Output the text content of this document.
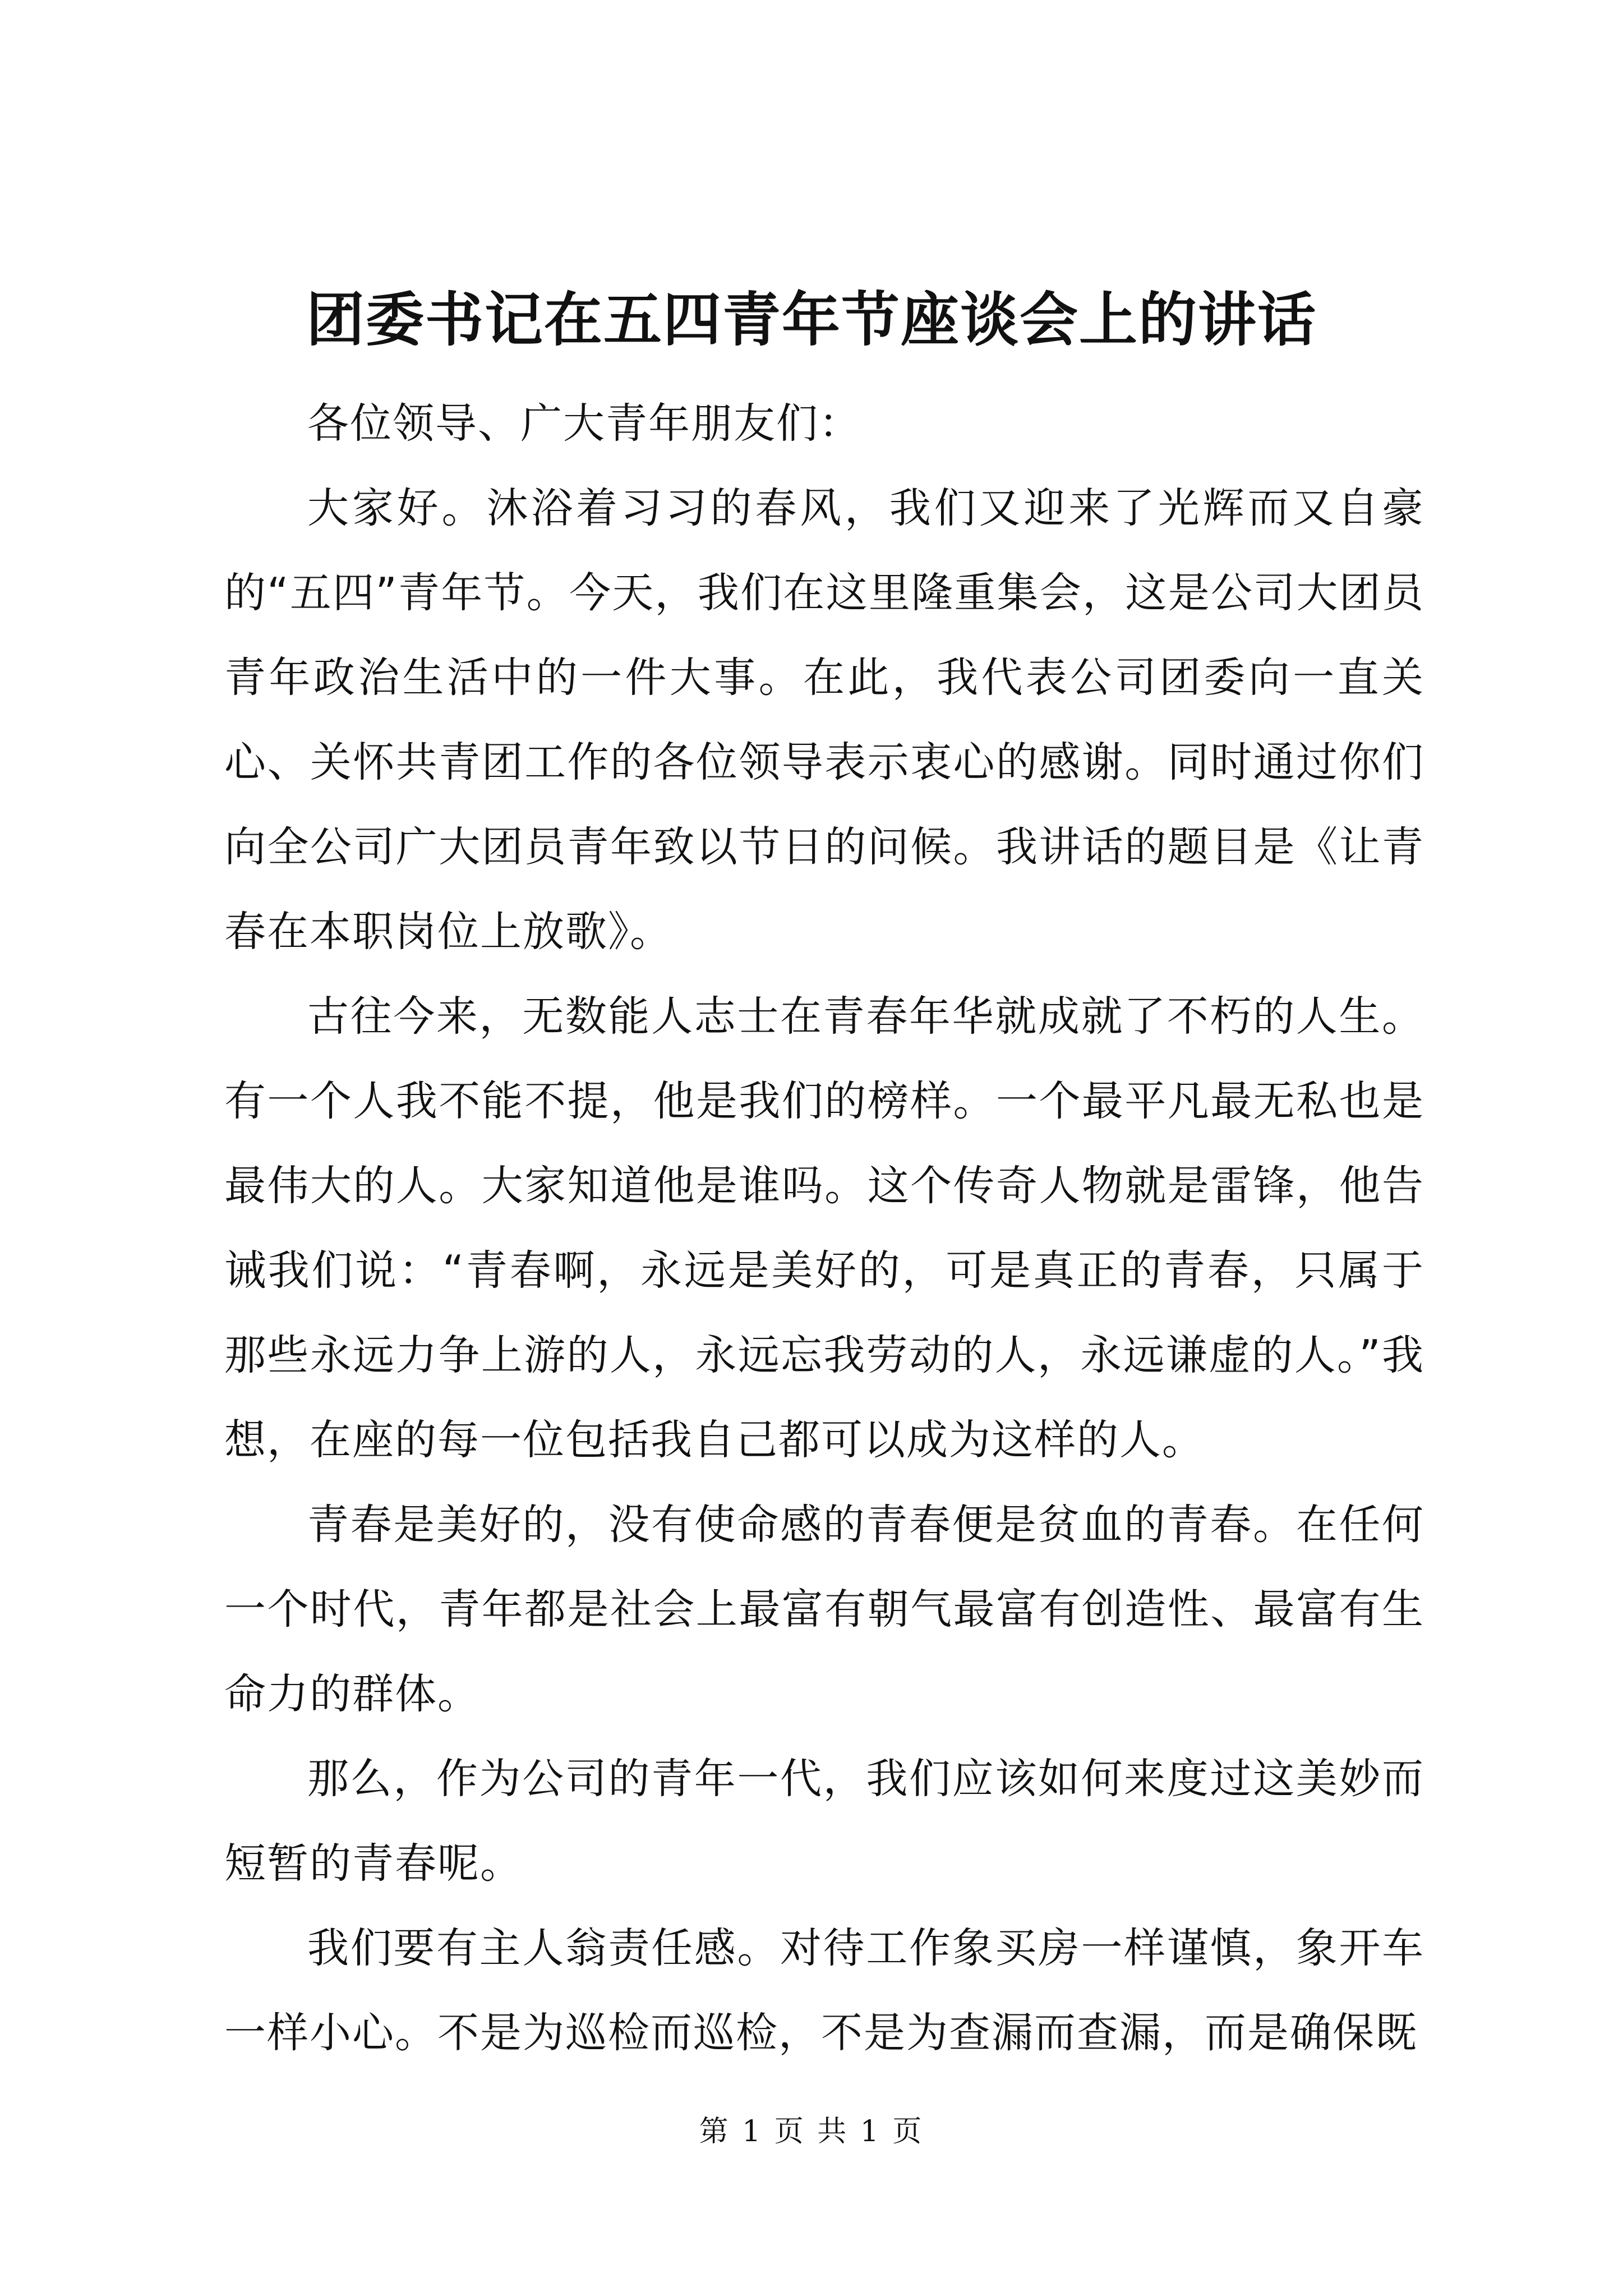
团委书记在五四青年节座谈会上的讲话

各位领导、广大青年朋友们：

大家好。沐浴着习习的春风，我们又迎来了光辉而又自豪的“五四”青年节。今天，我们在这里隆重集会，这是公司大团员青年政治生活中的一件大事。在此，我代表公司团委向一直关心、关怀共青团工作的各位领导表示衷心的感谢。同时通过你们向全公司广大团员青年致以节日的问候。我讲话的题目是《让青春在本职岗位上放歌》。

古往今来，无数能人志士在青春年华就成就了不朽的人生。有一个人我不能不提，他是我们的榜样。一个最平凡最无私也是最伟大的人。大家知道他是谁吗。这个传奇人物就是雷锋，他告诫我们说：“青春啊，永远是美好的，可是真正的青春，只属于那些永远力争上游的人，永远忘我劳动的人，永远谦虚的人。”我想，在座的每一位包括我自己都可以成为这样的人。

青春是美好的，没有使命感的青春便是贫血的青春。在任何一个时代，青年都是社会上最富有朝气最富有创造性、最富有生命力的群体。

那么，作为公司的青年一代，我们应该如何来度过这美妙而短暂的青春呢。

我们要有主人翁责任感。对待工作象买房一样谨慎，象开车一样小心。不是为巡检而巡检，不是为查漏而查漏，而是确保既

第 1 页 共 1 页
